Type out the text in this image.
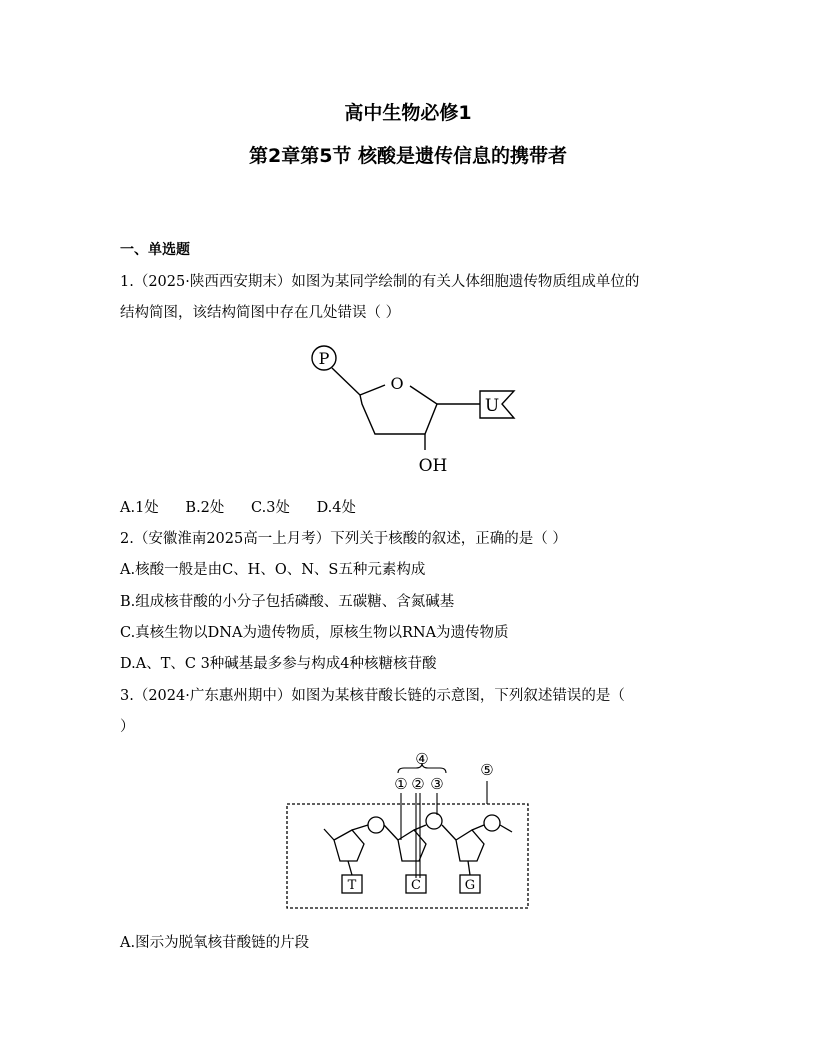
高中生物必修1
第2章第5节 核酸是遗传信息的携带者
一、单选题
1.（2025·陕西西安期末）如图为某同学绘制的有关人体细胞遗传物质组成单位的
结构简图，该结构简图中存在几处错误（ ）
P
O
U
OH
A.1处 B.2处 C.3处 D.4处
2.（安徽淮南2025高一上月考）下列关于核酸的叙述，正确的是（ ）
A.核酸一般是由C、H、O、N、S五种元素构成
B.组成核苷酸的小分子包括磷酸、五碳糖、含氮碱基
C.真核生物以DNA为遗传物质，原核生物以RNA为遗传物质
D.A、T、C 3种碱基最多参与构成4种核糖核苷酸
3.（2024·广东惠州期中）如图为某核苷酸长链的示意图，下列叙述错误的是（
）
④
① ② ③
⑤
T	C	G
A.图示为脱氧核苷酸链的片段
